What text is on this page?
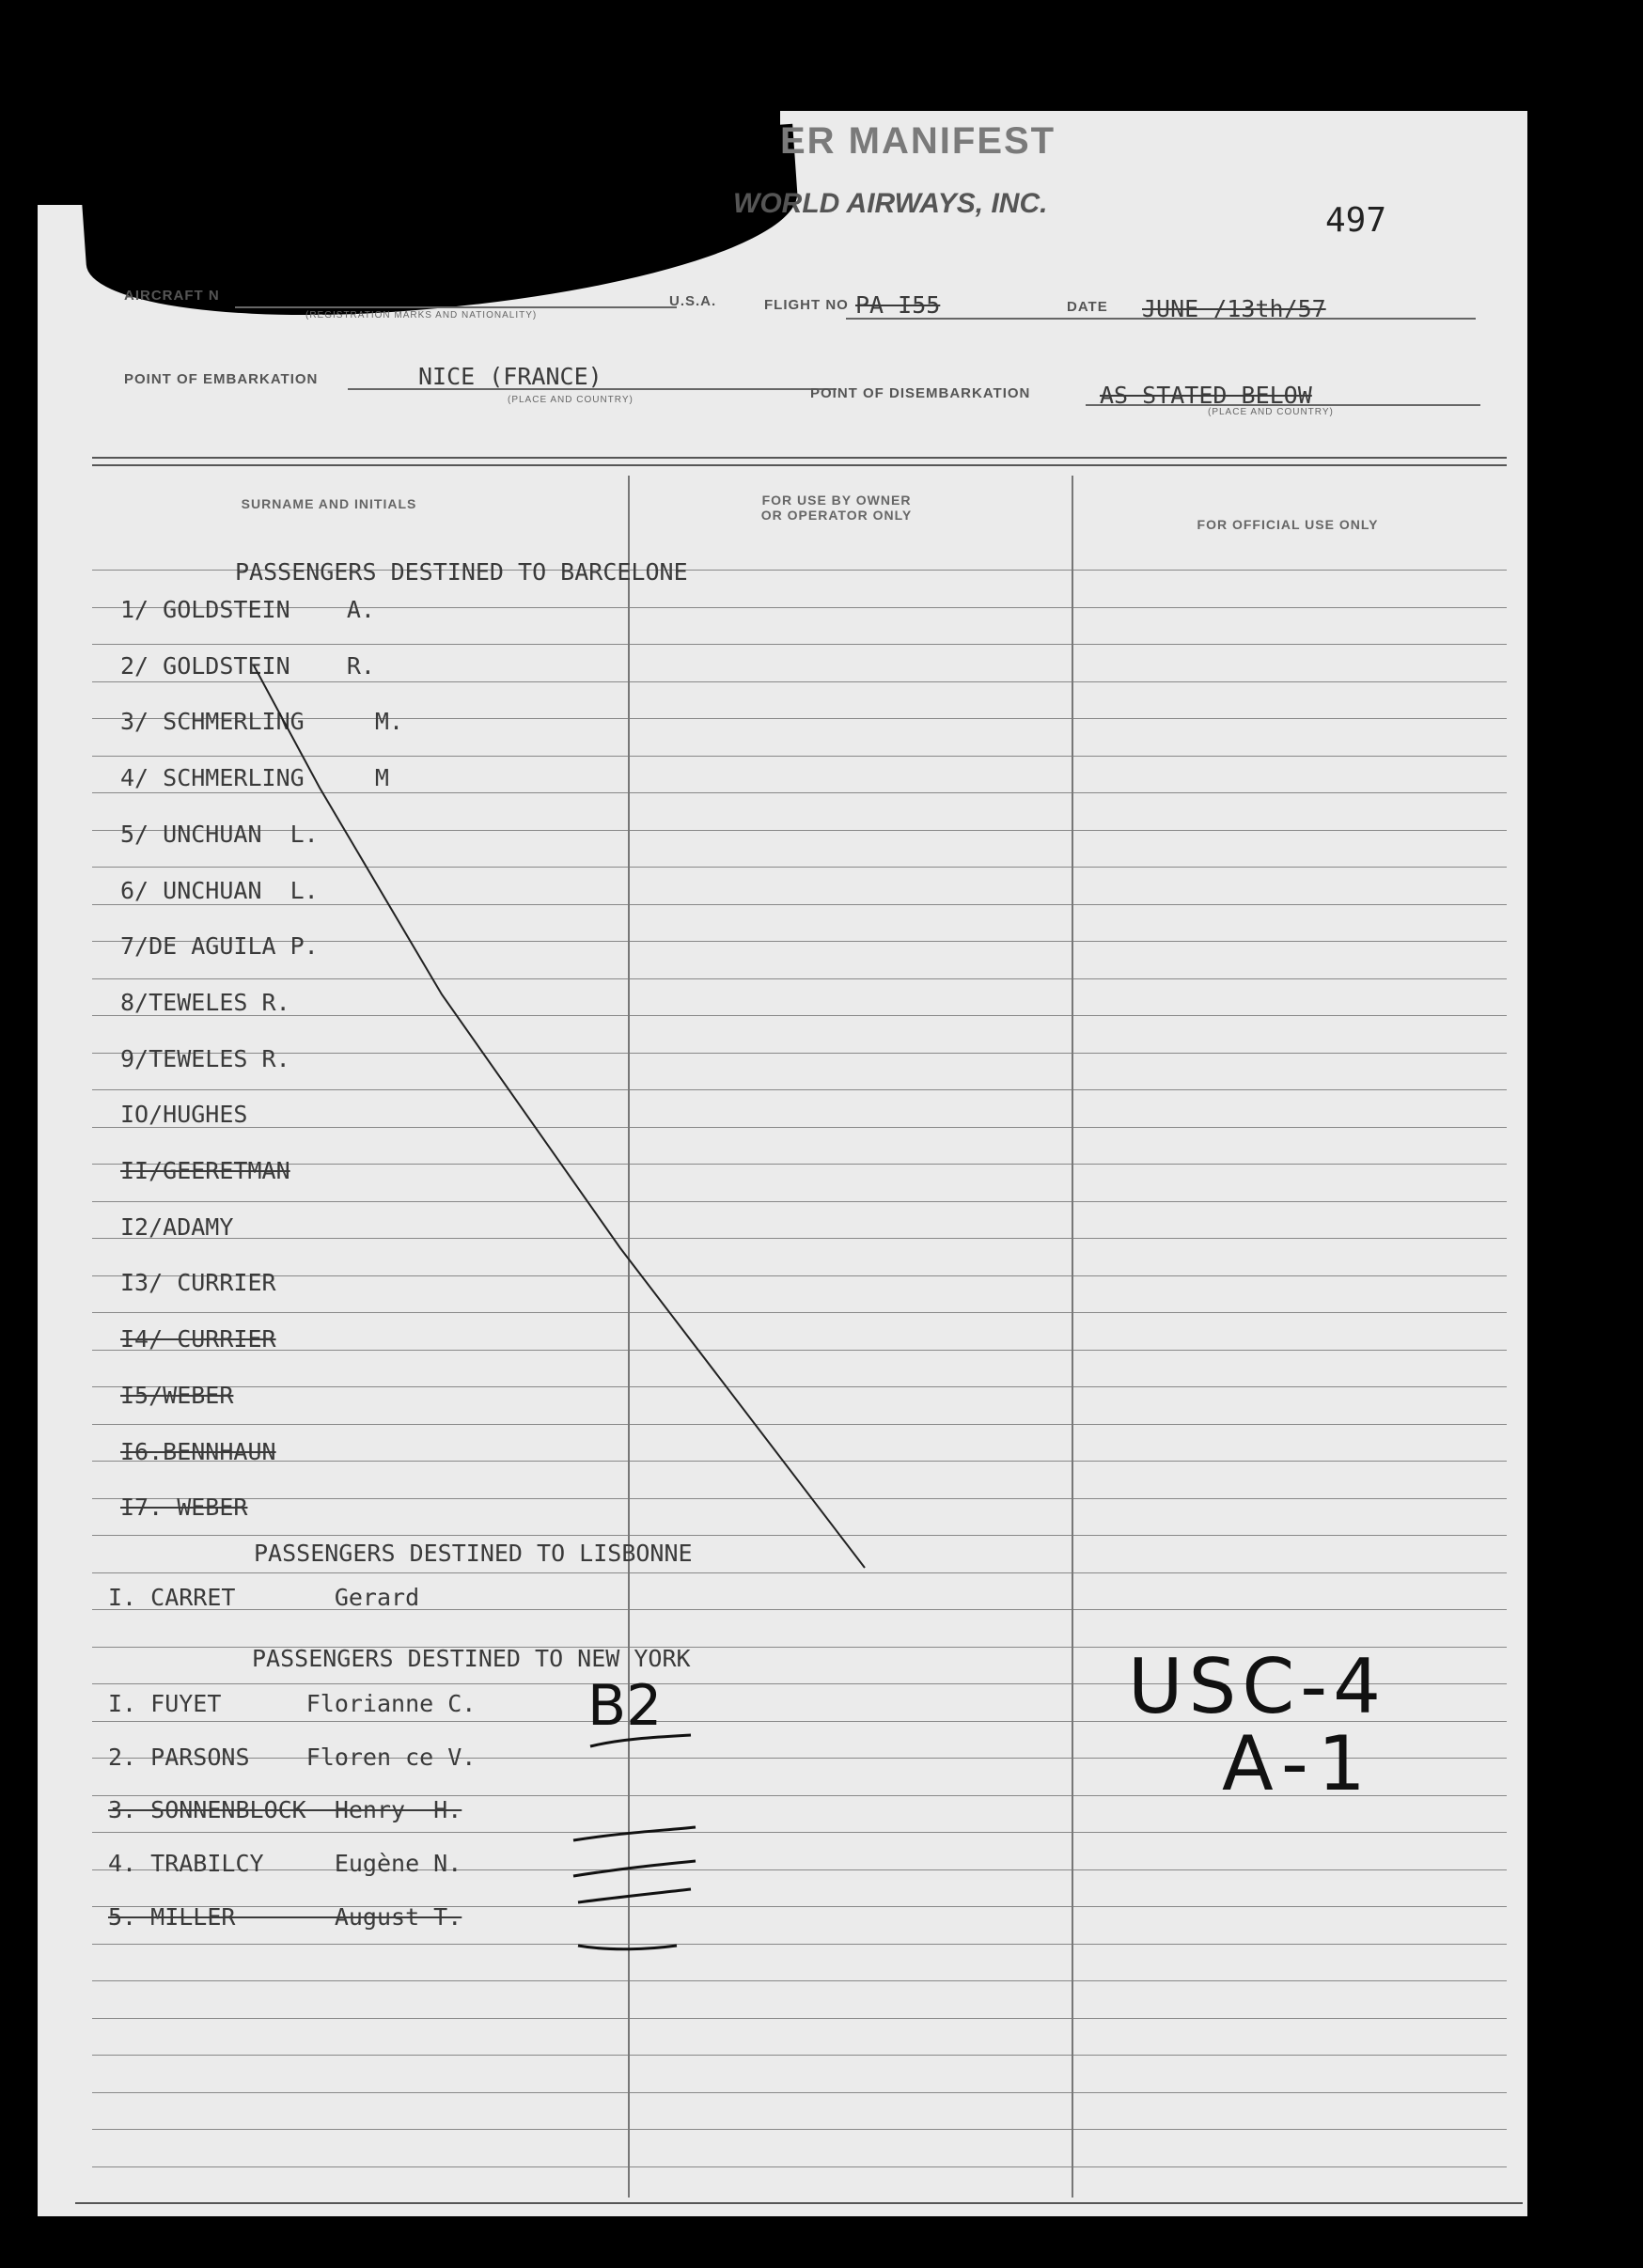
ER MANIFEST
WORLD AIRWAYS, INC.	497
AIRCRAFT N
(REGISTRATION MARKS AND NATIONALITY)
U.S.A.	FLIGHT NO PA I55	DATE JUNE /13th/57
POINT OF EMBARKATION	NICE (FRANCE)
(PLACE AND COUNTRY)	POINT OF DISEMBARKATION	AS STATED BELOW
(PLACE AND COUNTRY)
SURNAME AND INITIALS	FOR USE BY OWNER
OR OPERATOR ONLY
FOR OFFICIAL USE ONLY
PASSENGERS DESTINED TO BARCELONE
1/ GOLDSTEIN    A.
2/ GOLDSTEIN    R.
3/ SCHMERLING     M.
4/ SCHMERLING     M
5/ UNCHUAN  L.
6/ UNCHUAN  L.
7/DE AGUILA P.
8/TEWELES R.
9/TEWELES R.
IO/HUGHES
II/GEERETMAN
I2/ADAMY
I3/ CURRIER
I4/ CURRIER
I5/WEBER
I6.BENNHAUN
I7. WEBER
PASSENGERS DESTINED TO LISBONNE
I. CARRET       Gerard
PASSENGERS DESTINED TO NEW YORK
I. FUYET      Florianne C.
2. PARSONS    Floren ce V.
3. SONNENBLOCK  Henry  H.
4. TRABILCY     Eugène N.
5. MILLER       August T.
B2	USC-4
A-1
